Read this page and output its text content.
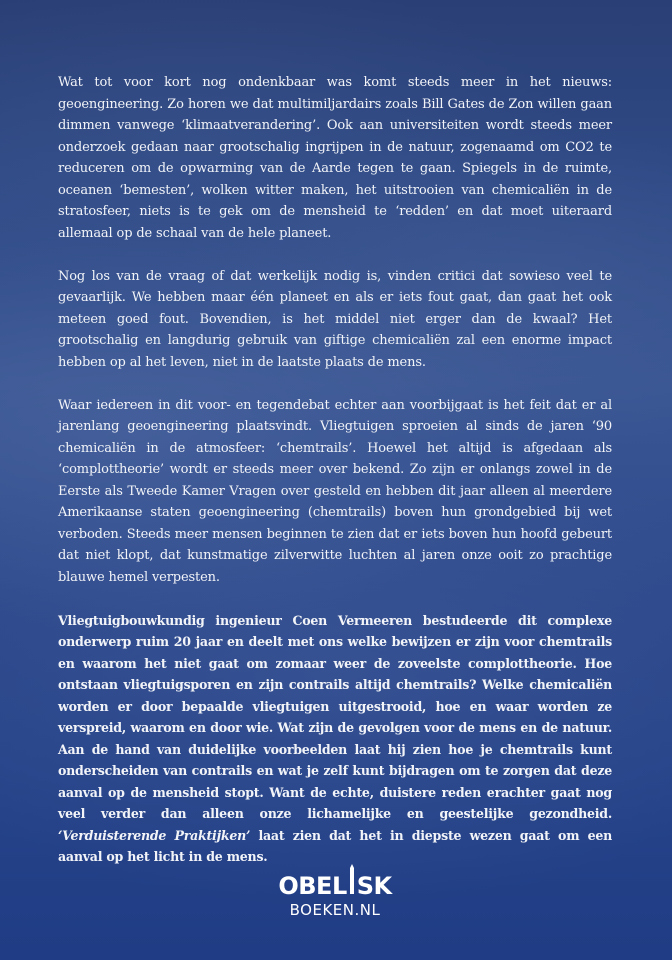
Wat tot voor kort nog ondenkbaar was komt steeds meer in het nieuws: geoengineering. Zo horen we dat multimiljardairs zoals Bill Gates de Zon willen gaan dimmen vanwege ‘klimaatverandering’. Ook aan universiteiten wordt steeds meer onderzoek gedaan naar grootschalig ingrijpen in de natuur, zogenaamd om CO2 te reduceren om de opwarming van de Aarde tegen te gaan. Spiegels in de ruimte, oceanen ‘bemesten’, wolken witter maken, het uitstrooien van chemicaliën in de stratosfeer, niets is te gek om de mensheid te ‘redden’ en dat moet uiteraard allemaal op de schaal van de hele planeet.

Nog los van de vraag of dat werkelijk nodig is, vinden critici dat sowieso veel te gevaarlijk. We hebben maar één planeet en als er iets fout gaat, dan gaat het ook meteen goed fout. Bovendien, is het middel niet erger dan de kwaal? Het grootschalig en langdurig gebruik van giftige chemicaliën zal een enorme impact hebben op al het leven, niet in de laatste plaats de mens.

Waar iedereen in dit voor- en tegendebat echter aan voorbijgaat is het feit dat er al jarenlang geoengineering plaatsvindt. Vliegtuigen sproeien al sinds de jaren ‘90 chemicaliën in de atmosfeer: ‘chemtrails’. Hoewel het altijd is afgedaan als ‘complottheorie’ wordt er steeds meer over bekend. Zo zijn er onlangs zowel in de Eerste als Tweede Kamer Vragen over gesteld en hebben dit jaar alleen al meerdere Amerikaanse staten geoengineering (chemtrails) boven hun grondgebied bij wet verboden. Steeds meer mensen beginnen te zien dat er iets boven hun hoofd gebeurt dat niet klopt, dat kunstmatige zilverwitte luchten al jaren onze ooit zo prachtige blauwe hemel verpesten.

Vliegtuigbouwkundig ingenieur Coen Vermeeren bestudeerde dit complexe onderwerp ruim 20 jaar en deelt met ons welke bewijzen er zijn voor chemtrails en waarom het niet gaat om zomaar weer de zoveelste complottheorie. Hoe ontstaan vliegtuigsporen en zijn contrails altijd chemtrails? Welke chemicaliën worden er door bepaalde vliegtuigen uitgestrooid, hoe en waar worden ze verspreid, waarom en door wie. Wat zijn de gevolgen voor de mens en de natuur. Aan de hand van duidelijke voorbeelden laat hij zien hoe je chemtrails kunt onderscheiden van contrails en wat je zelf kunt bijdragen om te zorgen dat deze aanval op de mensheid stopt. Want de echte, duistere reden erachter gaat nog veel verder dan alleen onze lichamelijke en geestelijke gezondheid. ‘Verduisterende Praktijken’ laat zien dat het in diepste wezen gaat om een aanval op het licht in de mens.

OBEL SK
BOEKEN.NL
